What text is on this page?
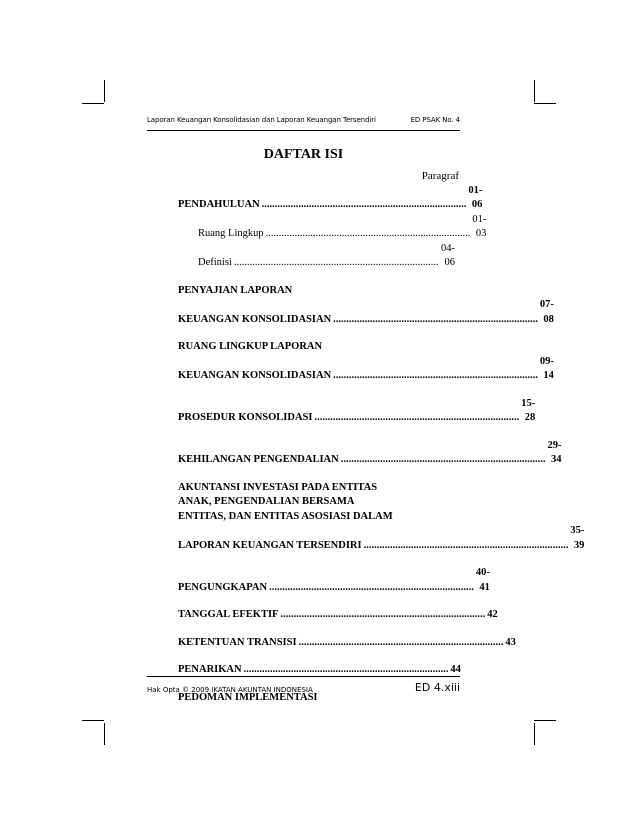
Laporan Keuangan Konsolidasian dan Laporan Keuangan Tersendiri	ED PSAK No. 4
DAFTAR ISI
Paragraf
PENDAHULUAN ..............................................................................
01-06
Ruang Lingkup ..............................................................................
01-03
Definisi ..............................................................................
04-06
PENYAJIAN LAPORAN
KEUANGAN KONSOLIDASIAN ..............................................................................
07-08
RUANG LINGKUP LAPORAN
KEUANGAN KONSOLIDASIAN ..............................................................................
09-14
PROSEDUR KONSOLIDASI ..............................................................................
15-28
KEHILANGAN PENGENDALIAN ..............................................................................
29-34
AKUNTANSI INVESTASI PADA ENTITAS
ANAK, PENGENDALIAN BERSAMA
ENTITAS, DAN ENTITAS ASOSIASI DALAM
LAPORAN KEUANGAN TERSENDIRI ..............................................................................
35-39
PENGUNGKAPAN ..............................................................................
40-41
TANGGAL EFEKTIF .............................................................................. 42
KETENTUAN TRANSISI .............................................................................. 43
PENARIKAN .............................................................................. 44
PEDOMAN IMPLEMENTASI
Hak Opta © 2009 IKATAN AKUNTAN INDONESIA	ED 4.xiii
